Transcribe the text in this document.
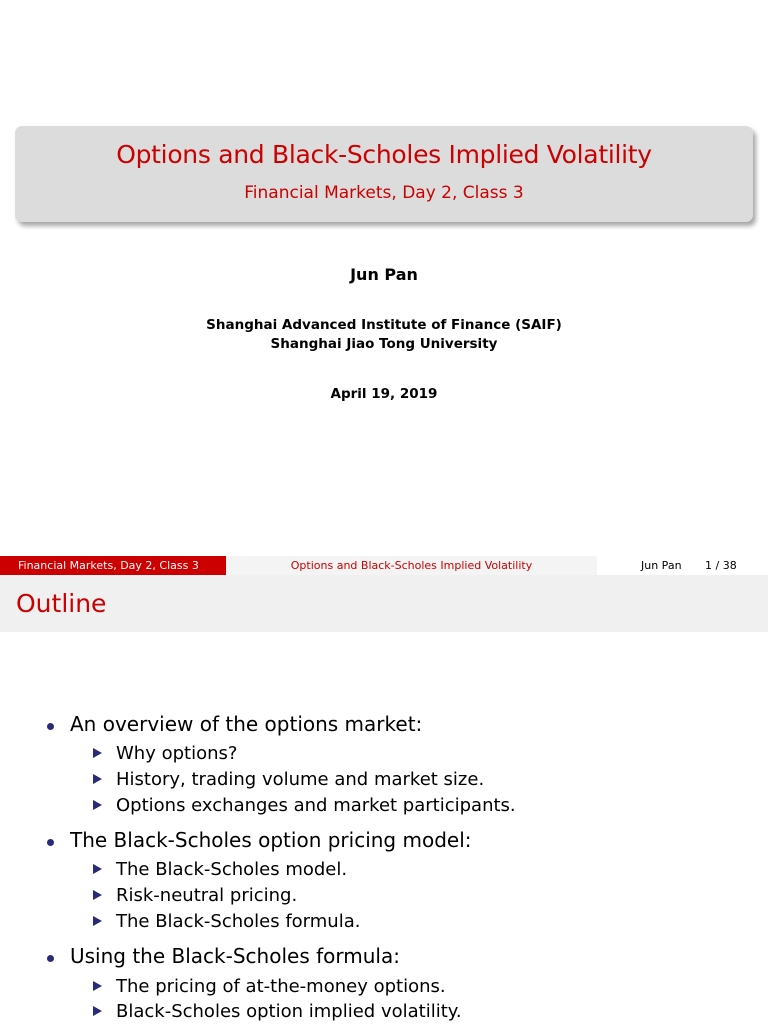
Options and Black-Scholes Implied Volatility
Financial Markets, Day 2, Class 3
Jun Pan
Shanghai Advanced Institute of Finance (SAIF)
Shanghai Jiao Tong University
April 19, 2019
Financial Markets, Day 2, Class 3	Options and Black-Scholes Implied Volatility	Jun Pan 1 / 38
Outline
An overview of the options market:
Why options?
History, trading volume and market size.
Options exchanges and market participants.
The Black-Scholes option pricing model:
The Black-Scholes model.
Risk-neutral pricing.
The Black-Scholes formula.
Using the Black-Scholes formula:
The pricing of at-the-money options.
Black-Scholes option implied volatility.
